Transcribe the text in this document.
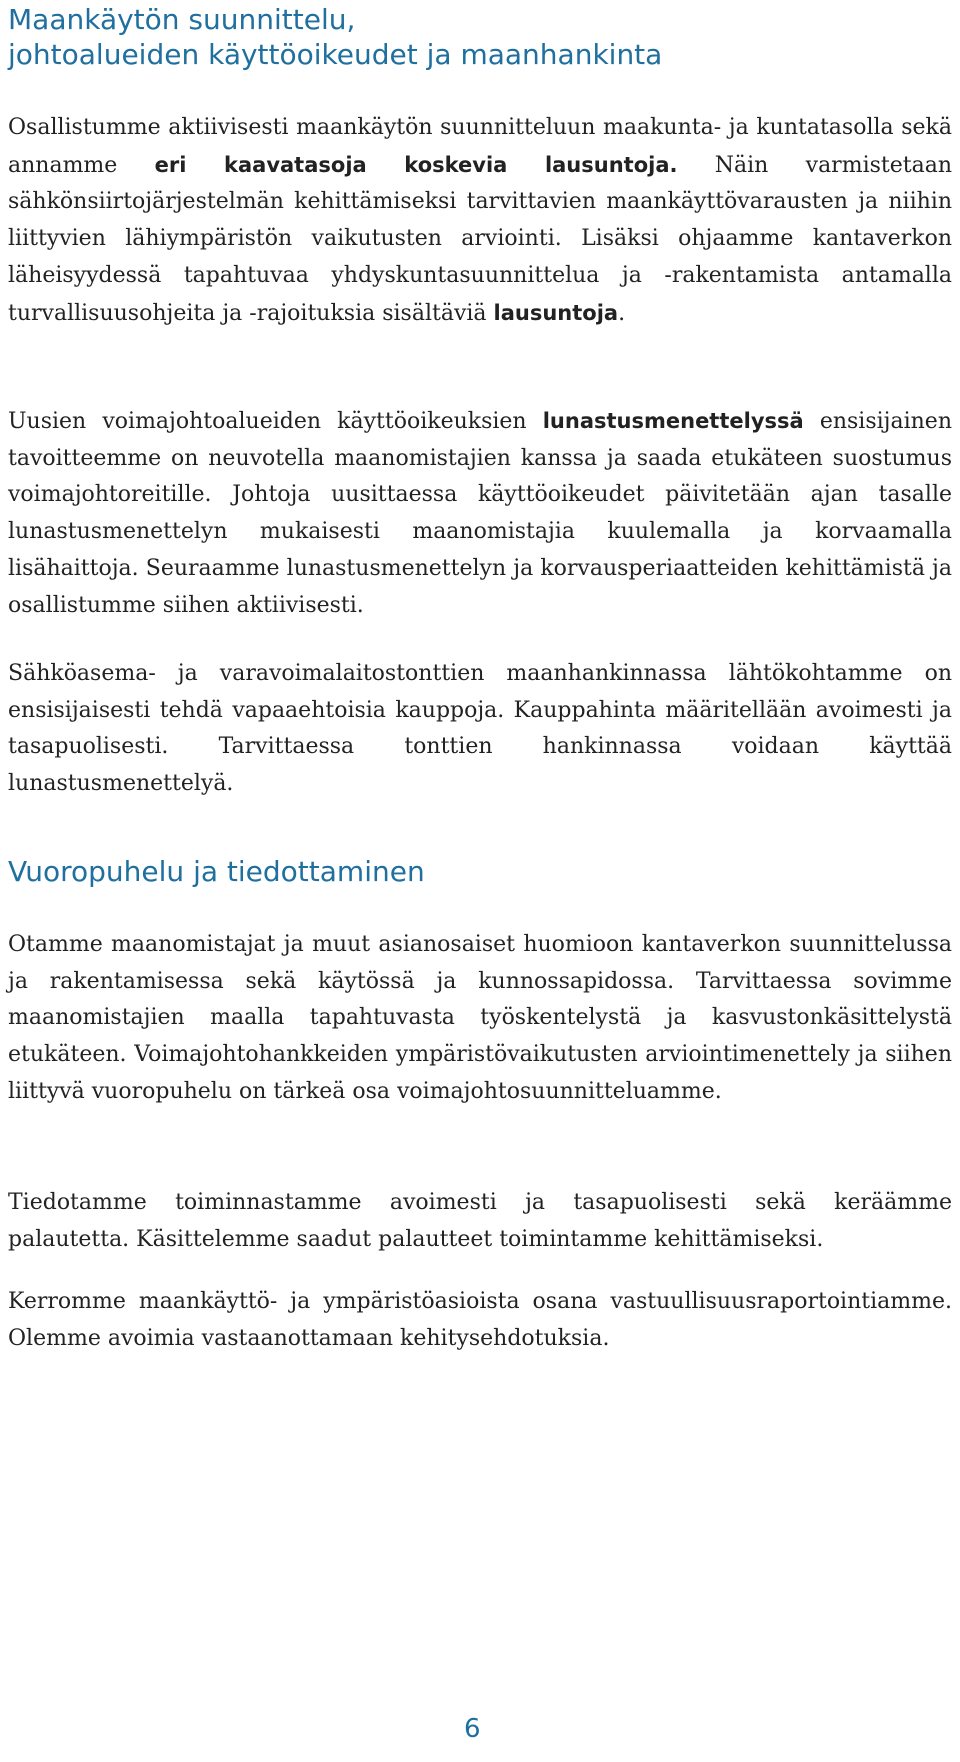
Maankäytön suunnittelu,
johtoalueiden käyttöoikeudet ja maanhankinta

Osallistumme aktiivisesti maankäytön suunnitteluun maakunta- ja kuntatasolla sekä annamme eri kaavatasoja koskevia lausuntoja. Näin varmistetaan sähkönsiirtojärjestelmän kehittämiseksi tarvittavien maankäyttövarausten ja niihin liittyvien lähiympäristön vaikutusten arviointi. Lisäksi ohjaamme kantaverkon läheisyydessä tapahtuvaa yhdyskuntasuunnittelua ja -rakentamista antamalla turvallisuusohjeita ja -rajoituksia sisältäviä lausuntoja.

Uusien voimajohtoalueiden käyttöoikeuksien lunastusmenettelyssä ensisijainen tavoitteemme on neuvotella maanomistajien kanssa ja saada etukäteen suostumus voimajohtoreitille. Johtoja uusittaessa käyttöoikeudet päivitetään ajan tasalle lunastusmenettelyn mukaisesti maanomistajia kuulemalla ja korvaamalla lisähaittoja. Seuraamme lunastusmenettelyn ja korvausperiaatteiden kehittämistä ja osallistumme siihen aktiivisesti.

Sähköasema- ja varavoimalaitostonttien maanhankinnassa lähtökohtamme on ensisijaisesti tehdä vapaaehtoisia kauppoja. Kauppahinta määritellään avoimesti ja tasapuolisesti. Tarvittaessa tonttien hankinnassa voidaan käyttää lunastusmenettelyä.

Vuoropuhelu ja tiedottaminen

Otamme maanomistajat ja muut asianosaiset huomioon kantaverkon suunnittelussa ja rakentamisessa sekä käytössä ja kunnossapidossa. Tarvittaessa sovimme maanomistajien maalla tapahtuvasta työskentelystä ja kasvustonkäsittelystä etukäteen. Voimajohtohankkeiden ympäristövaikutusten arviointimenettely ja siihen liittyvä vuoropuhelu on tärkeä osa voimajohtosuunnitteluamme.

Tiedotamme toiminnastamme avoimesti ja tasapuolisesti sekä keräämme palautetta. Käsittelemme saadut palautteet toimintamme kehittämiseksi.

Kerromme maankäyttö- ja ympäristöasioista osana vastuullisuusraportointiamme. Olemme avoimia vastaanottamaan kehitysehdotuksia.

6
